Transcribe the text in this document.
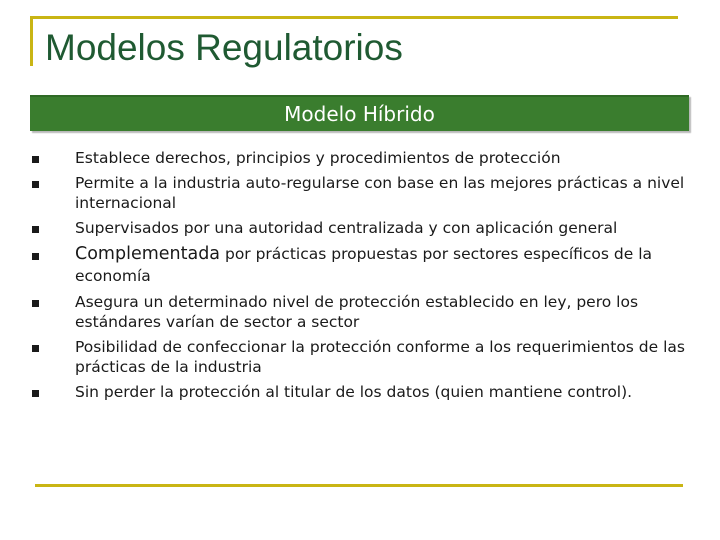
Modelos Regulatorios
Modelo Híbrido
Establece derechos, principios y procedimientos de protección
Permite a la industria auto-regularse con base en las mejores prácticas a nivel internacional
Supervisados por una autoridad centralizada y con aplicación general
Complementada por prácticas propuestas por sectores específicos de la economía
Asegura un determinado nivel de protección establecido en ley, pero los estándares varían de sector a sector
Posibilidad de confeccionar la protección conforme a los requerimientos de las prácticas de la industria
Sin perder la protección al titular de los datos (quien mantiene control).
